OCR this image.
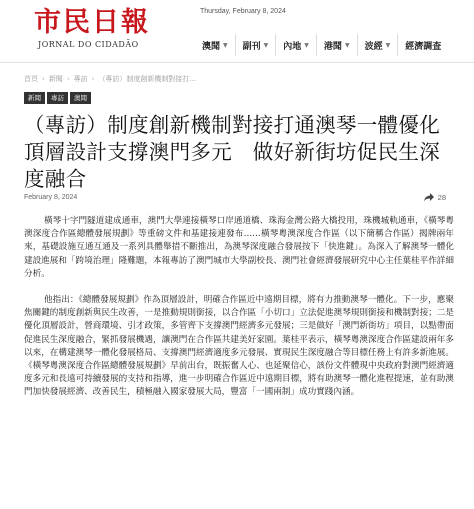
市民日報
JORNAL DO CIDADÃO
Thursday, February 8, 2024
澳聞 ▼ 副刊 ▼ 內地 ▼ 港聞 ▼ 波經 ▼ 經濟調查
首頁 › 新聞 › 專訪 › （專訪）制度創新機制對接打...
新聞	專訪	澳聞
（專訪）制度創新機制對接打通澳琴一體優化頂層設計支撐澳門多元　做好新街坊促民生深度融合
February 8, 2024	28

橫琴十字門隧道建成通車，澳門大學連接橫琴口岸通道橋、珠海金灣公路大橋投用，珠機城軌通車，《橫琴粵澳深度合作區總體發展規劃》等重磅文件和基建接連發布……橫琴粵澳深度合作區（以下簡稱合作區）揭牌兩年來，基礎設施互通互通及一系列具體舉措不斷推出，為澳琴深度融合發展按下「快進鍵」。為深入了解澳琴一體化建設進展和「跨境治理」隆難題，本報專訪了澳門城市大學副校長、澳門社會經濟發展研究中心主任葉桂平作詳細分析。

他指出：《總體發展規劃》作為頂層設計，明確合作區近中遠期目標，將有力推動澳琴一體化。下一步，應聚焦關鍵的制度創新與民生改善，一是推動規則銜接，以合作區「小切口」立法促進澳琴規則銜接和機制對接；二是優化頂層設計，營商環境、引才政策，多管齊下支撐澳門經濟多元發展；三是做好「澳門新街坊」項目，以點帶面促進民生深度融合，緊抓發展機遇，讓澳門在合作區共建美好家園。葉桂平表示，橫琴粵澳深度合作區建設兩年多以來，在構建澳琴一體化發展格局、支撐澳門經濟適度多元發展、實現民生深度融合等目標任務上有許多新進展。《橫琴粵澳深度合作區總體發展規劃》早前出台，既振奮人心、也延聚信心，該份文件體現中央政府對澳門經濟適度多元和長遠可持續發展的支持和指導，進一步明確合作區近中遠期目標，將有助澳琴一體化進程提速，並有助澳門加快發展經濟、改善民生，積極融入國家發展大局，豐富「一國兩制」成功實踐內涵。
